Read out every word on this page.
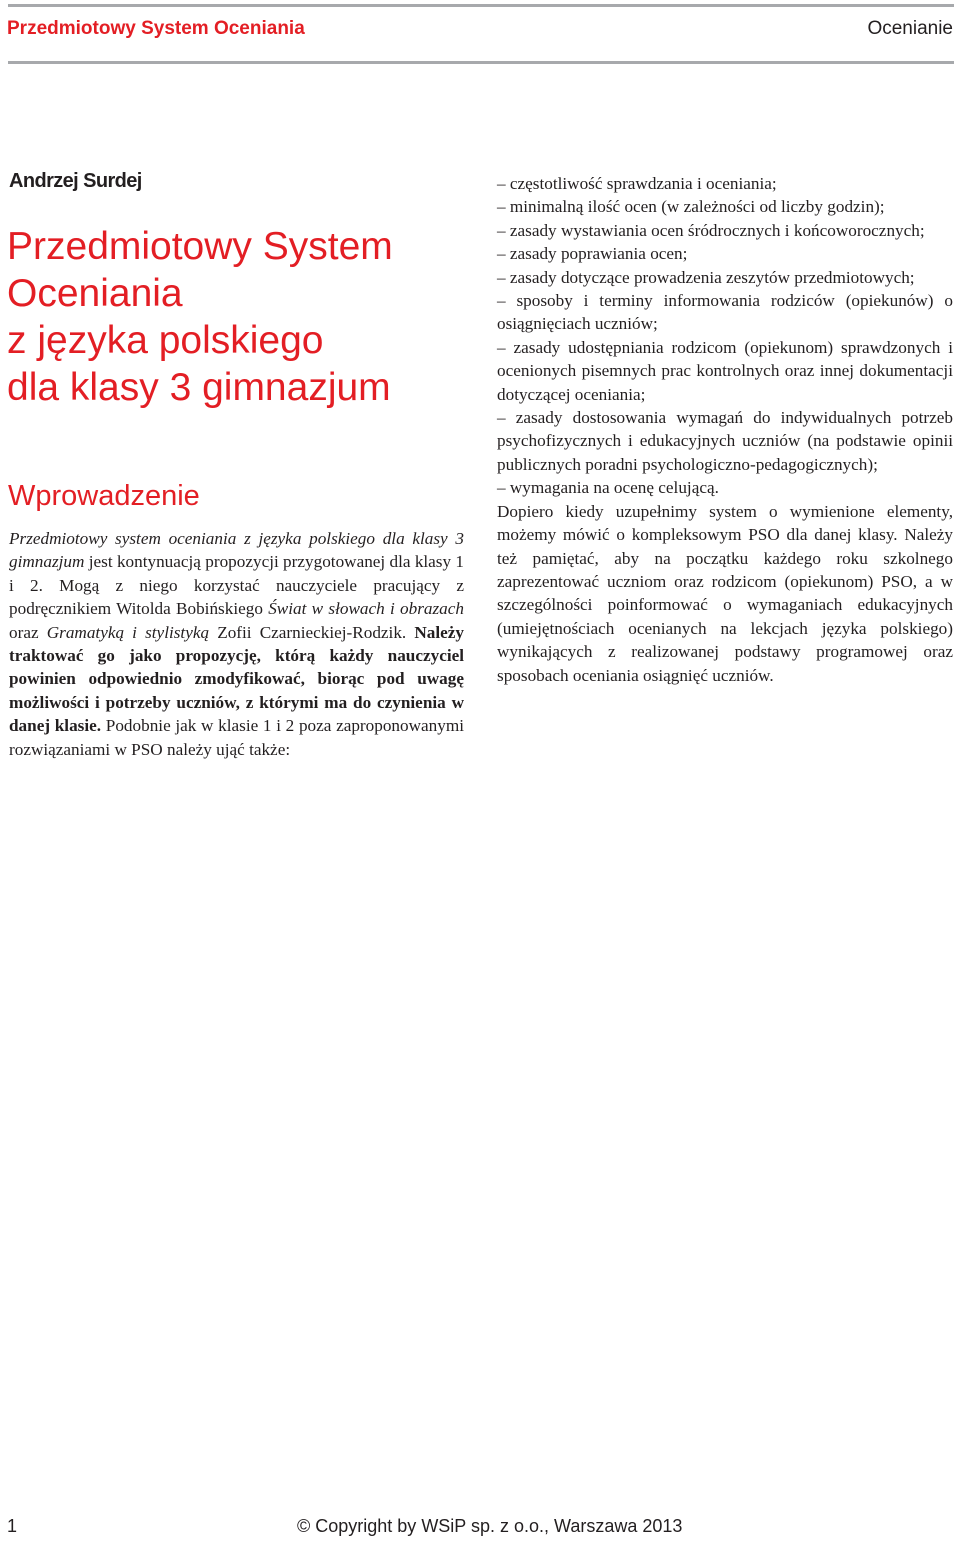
Przedmiotowy System Oceniania	Ocenianie
Andrzej Surdej
Przedmiotowy System
Oceniania
z języka polskiego
dla klasy 3 gimnazjum
Wprowadzenie

Przedmiotowy system oceniania z języka polskiego dla klasy 3 gimnazjum jest kontynuacją propozycji przygotowanej dla klasy 1 i 2. Mogą z niego korzystać nauczyciele pracujący z podręcznikiem Witolda Bobińskiego Świat w słowach i obrazach oraz Gramatyką i stylistyką Zofii Czarnieckiej-Rodzik. Należy traktować go jako propozycję, którą każdy nauczyciel powinien odpowiednio zmodyfikować, biorąc pod uwagę możliwości i potrzeby uczniów, z którymi ma do czynienia w danej klasie. Podobnie jak w klasie 1 i 2 poza zaproponowanymi rozwiązaniami w PSO należy ująć także:

– częstotliwość sprawdzania i oceniania;

– minimalną ilość ocen (w zależności od liczby godzin);

– zasady wystawiania ocen śródrocznych i końcoworocznych;

– zasady poprawiania ocen;

– zasady dotyczące prowadzenia zeszytów przedmiotowych;

– sposoby i terminy informowania rodziców (opiekunów) o osiągnięciach uczniów;

– zasady udostępniania rodzicom (opiekunom) sprawdzonych i ocenionych pisemnych prac kontrolnych oraz innej dokumentacji dotyczącej oceniania;

– zasady dostosowania wymagań do indywidualnych potrzeb psychofizycznych i edukacyjnych uczniów (na podstawie opinii publicznych poradni psychologiczno-pedagogicznych);

– wymagania na ocenę celującą.

Dopiero kiedy uzupełnimy system o wymienione elementy, możemy mówić o kompleksowym PSO dla danej klasy. Należy też pamiętać, aby na początku każdego roku szkolnego zaprezentować uczniom oraz rodzicom (opiekunom) PSO, a w szczególności poinformować o wymaganiach edukacyjnych (umiejętnościach ocenianych na lekcjach języka polskiego) wynikających z realizowanej podstawy programowej oraz sposobach oceniania osiągnięć uczniów.

1	© Copyright by WSiP sp. z o.o., Warszawa 2013
